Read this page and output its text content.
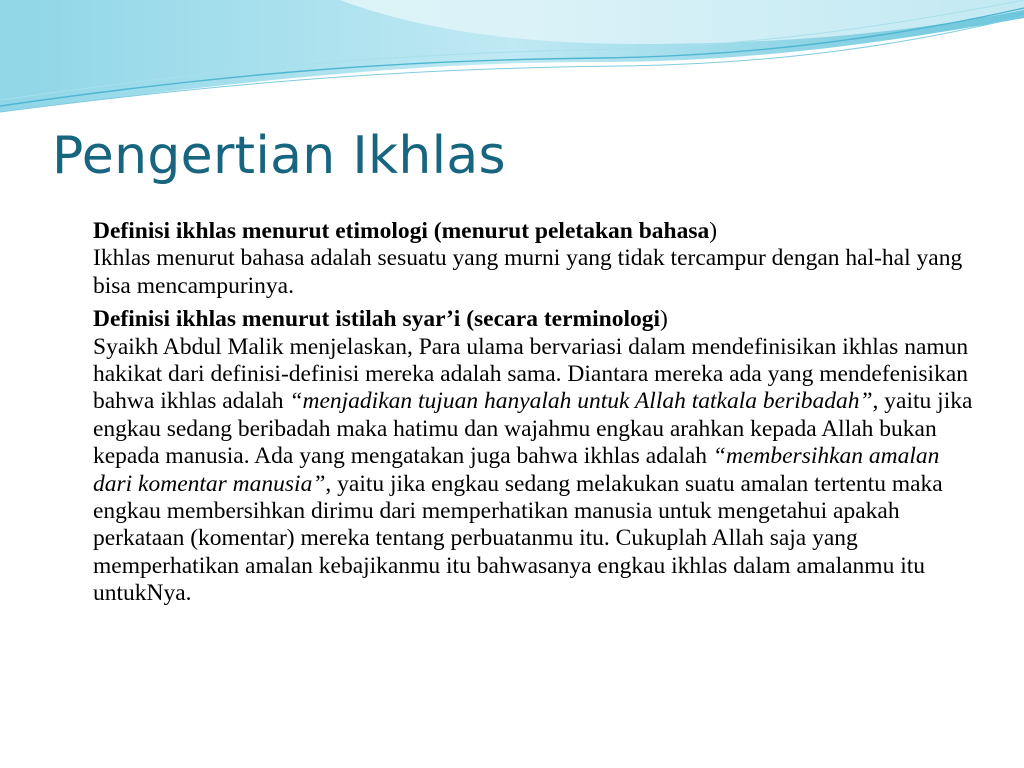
Pengertian Ikhlas

Definisi ikhlas menurut etimologi (menurut peletakan bahasa)
Ikhlas menurut bahasa adalah sesuatu yang murni yang tidak tercampur dengan hal-hal yang bisa mencampurinya.

Definisi ikhlas menurut istilah syar’i (secara terminologi)
Syaikh Abdul Malik menjelaskan, Para ulama bervariasi dalam mendefinisikan ikhlas namun hakikat dari definisi-definisi mereka adalah sama. Diantara mereka ada yang mendefenisikan bahwa ikhlas adalah “menjadikan tujuan hanyalah untuk Allah tatkala beribadah”, yaitu jika engkau sedang beribadah maka hatimu dan wajahmu engkau arahkan kepada Allah bukan kepada manusia. Ada yang mengatakan juga bahwa ikhlas adalah “membersihkan amalan dari komentar manusia”, yaitu jika engkau sedang melakukan suatu amalan tertentu maka engkau membersihkan dirimu dari memperhatikan manusia untuk mengetahui apakah perkataan (komentar) mereka tentang perbuatanmu itu. Cukuplah Allah saja yang memperhatikan amalan kebajikanmu itu bahwasanya engkau ikhlas dalam amalanmu itu untukNya.
